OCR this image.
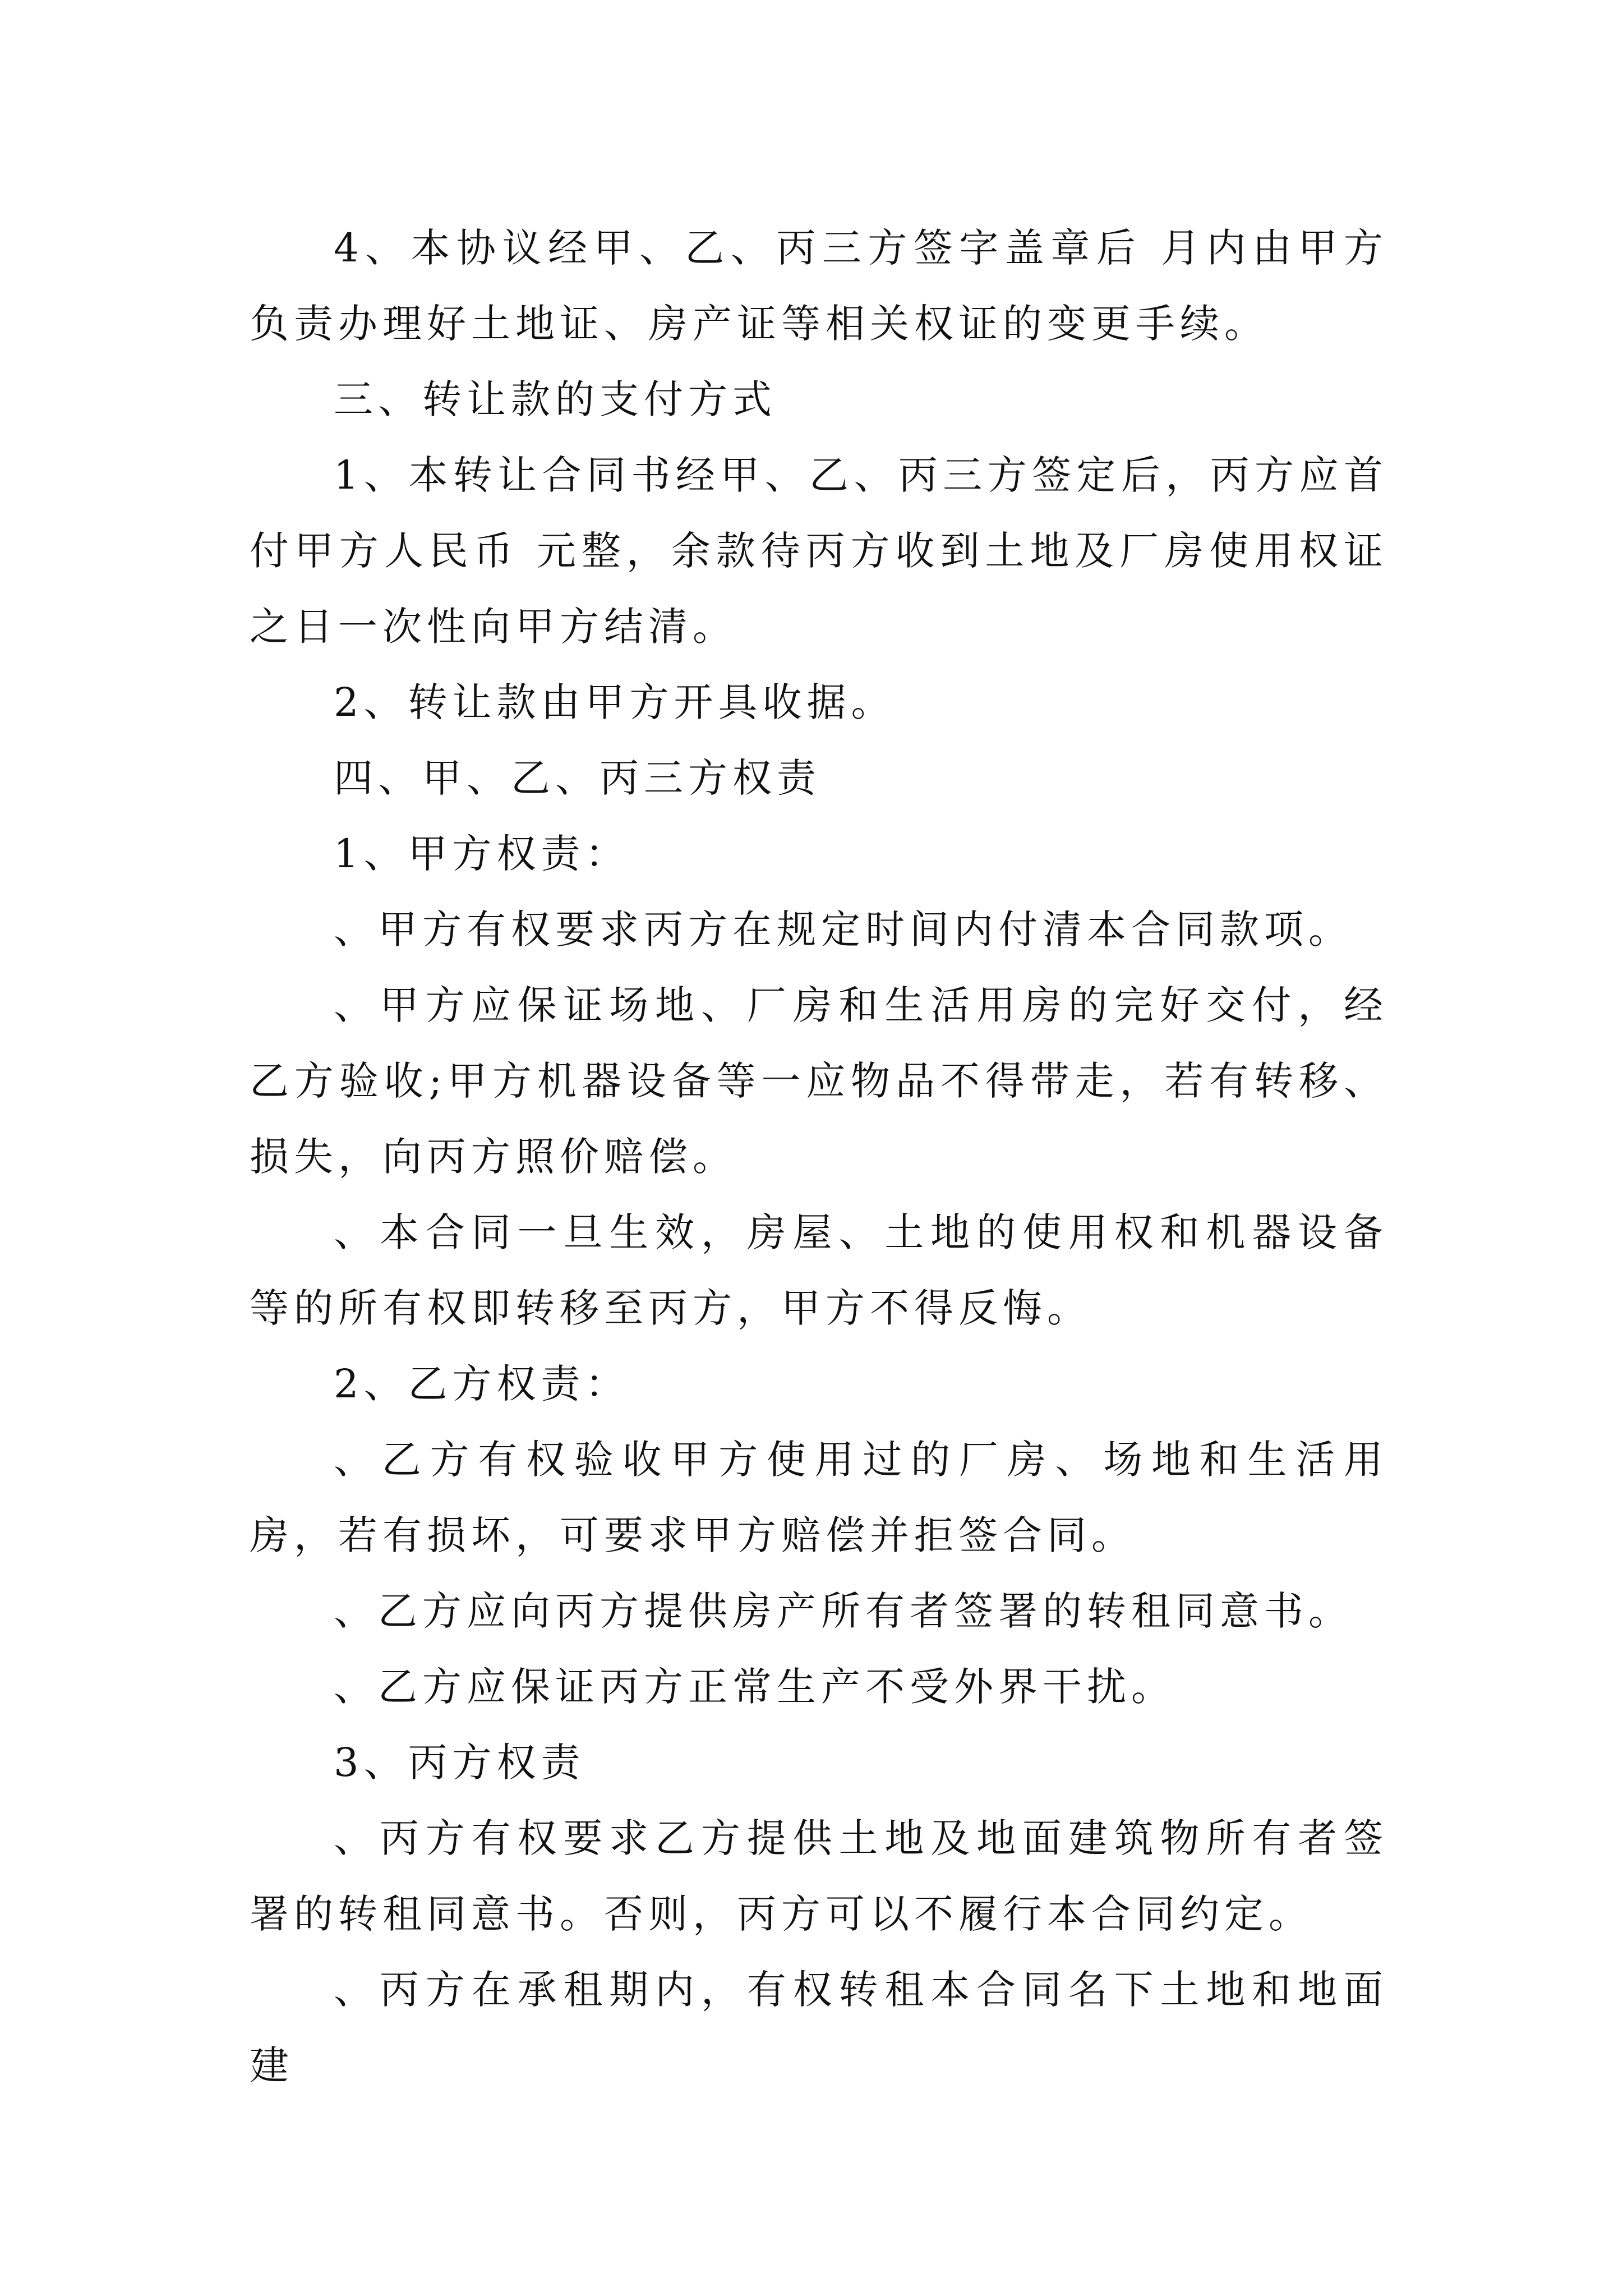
4、本协议经甲、乙、丙三方签字盖章后 月内由甲方负责办理好土地证、房产证等相关权证的变更手续。

三、转让款的支付方式

1、本转让合同书经甲、乙、丙三方签定后，丙方应首付甲方人民币 元整，余款待丙方收到土地及厂房使用权证之日一次性向甲方结清。

2、转让款由甲方开具收据。

四、甲、乙、丙三方权责

1、甲方权责：

、甲方有权要求丙方在规定时间内付清本合同款项。

、甲方应保证场地、厂房和生活用房的完好交付，经乙方验收;甲方机器设备等一应物品不得带走，若有转移、损失，向丙方照价赔偿。

、本合同一旦生效，房屋、土地的使用权和机器设备等的所有权即转移至丙方，甲方不得反悔。

2、乙方权责：

、乙方有权验收甲方使用过的厂房、场地和生活用房，若有损坏，可要求甲方赔偿并拒签合同。

、乙方应向丙方提供房产所有者签署的转租同意书。

、乙方应保证丙方正常生产不受外界干扰。

3、丙方权责

、丙方有权要求乙方提供土地及地面建筑物所有者签署的转租同意书。否则，丙方可以不履行本合同约定。

、丙方在承租期内，有权转租本合同名下土地和地面建
